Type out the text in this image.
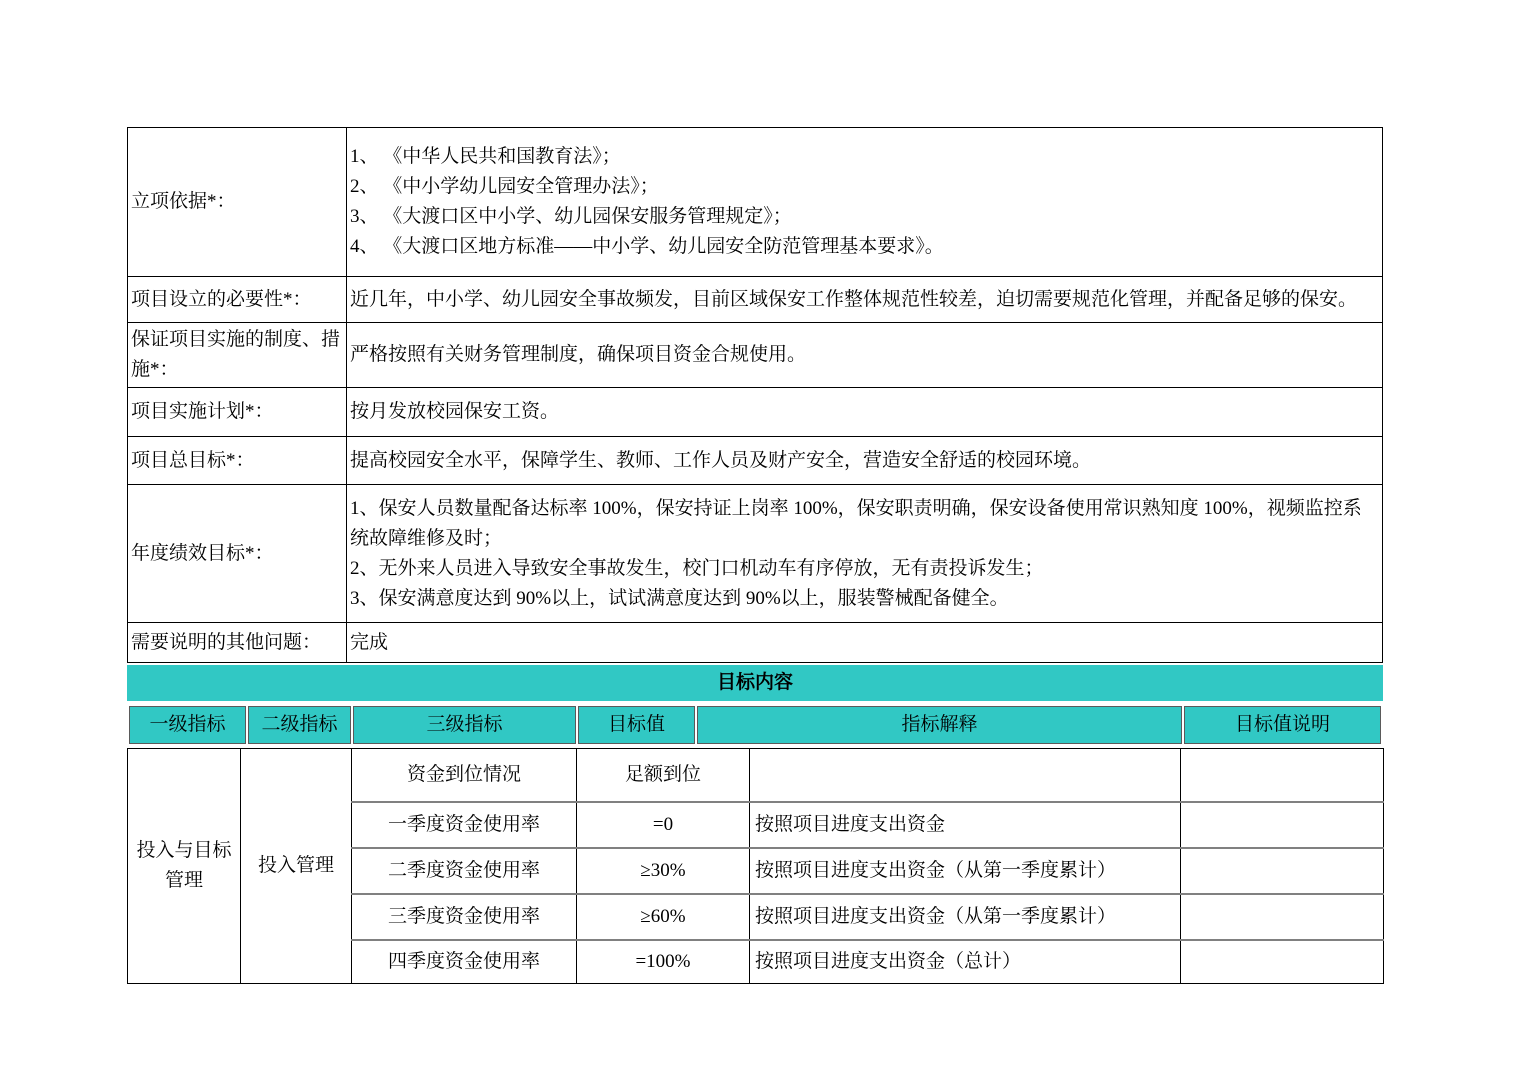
立项依据*：	1、 《中华人民共和国教育法》；
2、 《中小学幼儿园安全管理办法》；
3、 《大渡口区中小学、幼儿园保安服务管理规定》；
4、 《大渡口区地方标准——中小学、幼儿园安全防范管理基本要求》。

项目设立的必要性*：	近几年，中小学、幼儿园安全事故频发，目前区域保安工作整体规范性较差，迫切需要规范化管理，并配备足够的保安。

保证项目实施的制度、措施*：	严格按照有关财务管理制度，确保项目资金合规使用。

项目实施计划*：	按月发放校园保安工资。

项目总目标*：	提高校园安全水平，保障学生、教师、工作人员及财产安全，营造安全舒适的校园环境。

年度绩效目标*：	1、保安人员数量配备达标率 100%，保安持证上岗率 100%，保安职责明确，保安设备使用常识熟知度 100%，视频监控系统故障维修及时；
2、无外来人员进入导致安全事故发生，校门口机动车有序停放，无有责投诉发生；
3、保安满意度达到 90%以上，试试满意度达到 90%以上，服装警械配备健全。

需要说明的其他问题：	完成
目标内容
一级指标	二级指标	三级指标	目标值	指标解释	目标值说明
投入与目标管理	投入管理	资金到位情况	足额到位		
		一季度资金使用率	=0	按照项目进度支出资金	
		二季度资金使用率	≥30%	按照项目进度支出资金（从第一季度累计）	
		三季度资金使用率	≥60%	按照项目进度支出资金（从第一季度累计）	
		四季度资金使用率	=100%	按照项目进度支出资金（总计）	
